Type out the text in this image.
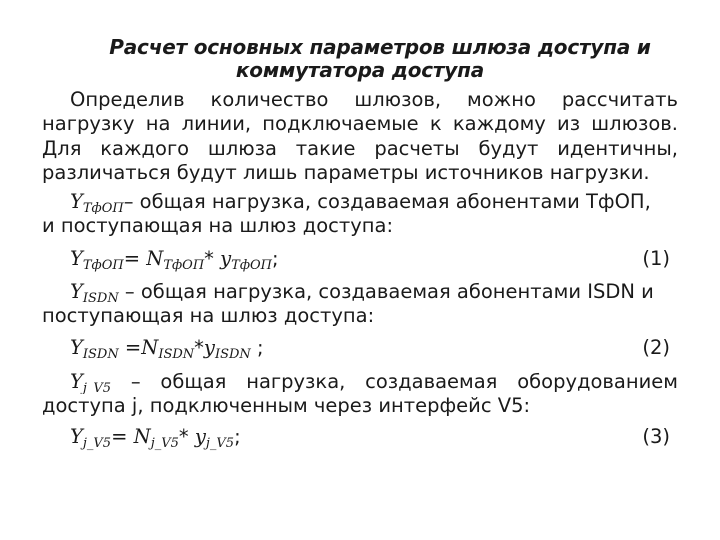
Расчет основных параметров шлюза доступа и
коммутатора доступа
Определив количество шлюзов, можно рассчитать
нагрузку на линии, подключаемые к каждому из шлюзов.
Для каждого шлюза такие расчеты будут идентичны,
различаться будут лишь параметры источников нагрузки.
$Y_{ТфОП}-$ общая нагрузка, создаваемая абонентами ТфОП,
и поступающая на шлюз доступа:
$Y_{ТфОП}= N_{ТфОП}*$ $y_{ТфОП}$;	(1)
$Y_{ISDN}$ – общая нагрузка, создаваемая абонентами ISDN и
поступающая на шлюз доступа:
$Y_{ISDN} =N_{ISDN}*y_{ISDN}$ ;	(2)
$Y_{j\_V5}$ – общая нагрузка, создаваемая оборудованием
доступа j, подключенным через интерфейс V5:
$Y_{j\_V5}= N_{j\_V5}*$ $y_{j\_V5}$;	(3)
